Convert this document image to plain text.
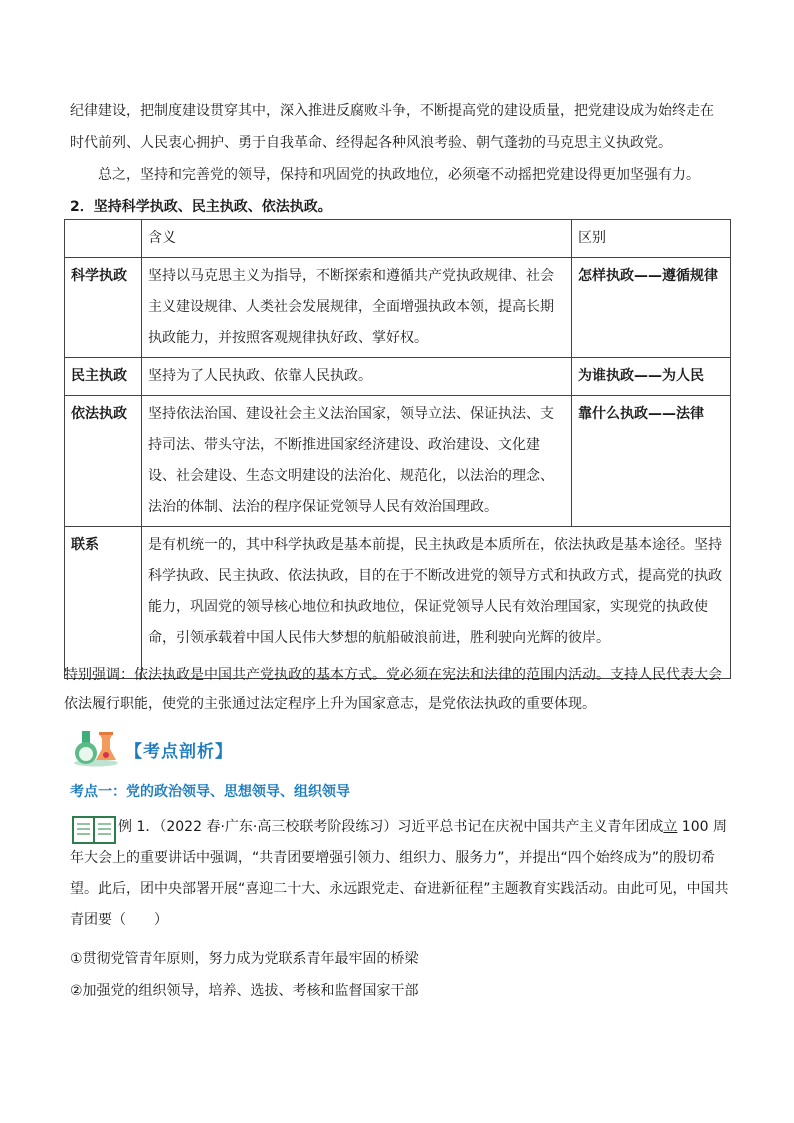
纪律建设，把制度建设贯穿其中，深入推进反腐败斗争，不断提高党的建设质量，把党建设成为始终走在
时代前列、人民衷心拥护、勇于自我革命、经得起各种风浪考验、朝气蓬勃的马克思主义执政党。
总之，坚持和完善党的领导，保持和巩固党的执政地位，必须毫不动摇把党建设得更加坚强有力。
2．坚持科学执政、民主执政、依法执政。
	含义	区别
科学执政	坚持以马克思主义为指导，不断探索和遵循共产党执政规律、社会主义建设规律、人类社会发展规律，全面增强执政本领，提高长期执政能力，并按照客观规律执好政、掌好权。	怎样执政——遵循规律
民主执政	坚持为了人民执政、依靠人民执政。	为谁执政——为人民
依法执政	坚持依法治国、建设社会主义法治国家，领导立法、保证执法、支持司法、带头守法，不断推进国家经济建设、政治建设、文化建设、社会建设、生态文明建设的法治化、规范化，以法治的理念、法治的体制、法治的程序保证党领导人民有效治国理政。	靠什么执政——法律
联系	是有机统一的，其中科学执政是基本前提，民主执政是本质所在，依法执政是基本途径。坚持科学执政、民主执政、依法执政，目的在于不断改进党的领导方式和执政方式，提高党的执政能力，巩固党的领导核心地位和执政地位，保证党领导人民有效治理国家，实现党的执政使命，引领承载着中国人民伟大梦想的航船破浪前进，胜利驶向光辉的彼岸。	
特别强调：依法执政是中国共产党执政的基本方式。党必须在宪法和法律的范围内活动。支持人民代表大会依法履行职能，使党的主张通过法定程序上升为国家意志，是党依法执政的重要体现。
【考点剖析】
考点一：党的政治领导、思想领导、组织领导
例 1．（2022 春·广东·高三校联考阶段练习）习近平总书记在庆祝中国共产主义青年团成立 100 周年大会上的重要讲话中强调，“共青团要增强引领力、组织力、服务力”，并提出“四个始终成为”的殷切希望。此后，团中央部署开展“喜迎二十大、永远跟党走、奋进新征程”主题教育实践活动。由此可见，中国共青团要（　　）
①贯彻党管青年原则，努力成为党联系青年最牢固的桥梁
②加强党的组织领导，培养、选拔、考核和监督国家干部
